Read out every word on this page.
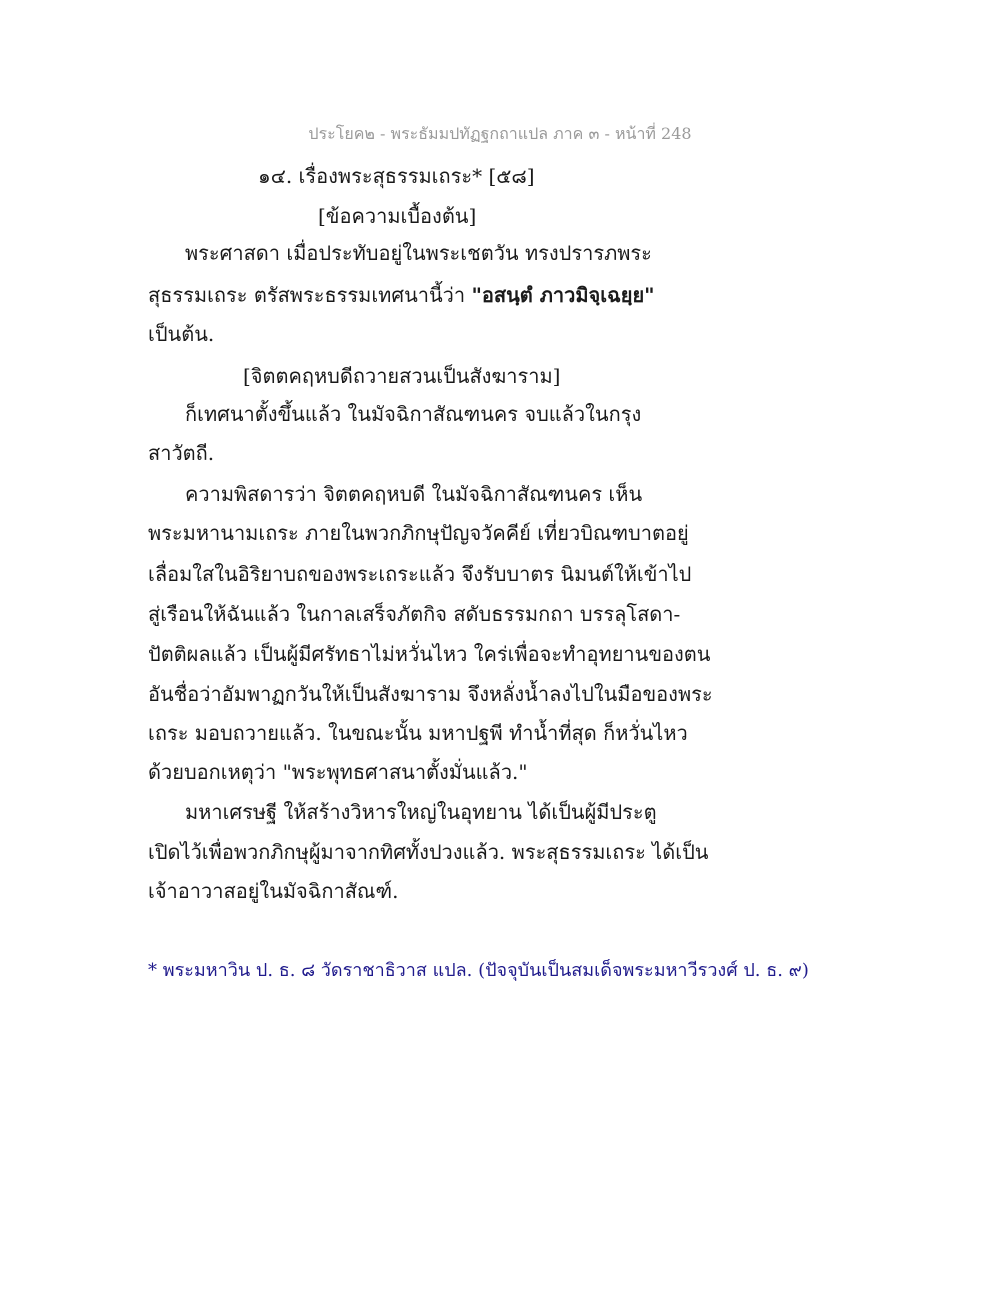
ประโยค๒ - พระธัมมปทัฏฐกถาแปล ภาค ๓ - หน้าที่ 248
๑๔. เรื่องพระสุธรรมเถระ* [๕๘]
[ข้อความเบื้องต้น]
พระศาสดา เมื่อประทับอยู่ในพระเชตวัน ทรงปรารภพระ
สุธรรมเถระ ตรัสพระธรรมเทศนานี้ว่า "อสนฺตํ ภาวมิจฺเฉยฺย"
เป็นต้น.
[จิตตคฤหบดีถวายสวนเป็นสังฆาราม]
ก็เทศนาตั้งขึ้นแล้ว ในมัจฉิกาสัณฑนคร จบแล้วในกรุง
สาวัตถี.
ความพิสดารว่า จิตตคฤหบดี ในมัจฉิกาสัณฑนคร เห็น
พระมหานามเถระ ภายในพวกภิกษุปัญจวัคคีย์ เที่ยวบิณฑบาตอยู่
เลื่อมใสในอิริยาบถของพระเถระแล้ว จึงรับบาตร นิมนต์ให้เข้าไป
สู่เรือนให้ฉันแล้ว ในกาลเสร็จภัตกิจ สดับธรรมกถา บรรลุโสดา-
ปัตติผลแล้ว เป็นผู้มีศรัทธาไม่หวั่นไหว ใคร่เพื่อจะทำอุทยานของตน
อันชื่อว่าอัมพาฏกวันให้เป็นสังฆาราม จึงหลั่งน้ำลงไปในมือของพระ
เถระ มอบถวายแล้ว. ในขณะนั้น มหาปฐพี ทำน้ำที่สุด ก็หวั่นไหว
ด้วยบอกเหตุว่า "พระพุทธศาสนาตั้งมั่นแล้ว."
มหาเศรษฐี ให้สร้างวิหารใหญ่ในอุทยาน ได้เป็นผู้มีประตู
เปิดไว้เพื่อพวกภิกษุผู้มาจากทิศทั้งปวงแล้ว. พระสุธรรมเถระ ได้เป็น
เจ้าอาวาสอยู่ในมัจฉิกาสัณฑ์.
* พระมหาวิน ป. ธ. ๘ วัดราชาธิวาส แปล. (ปัจจุบันเป็นสมเด็จพระมหาวีรวงศ์ ป. ธ. ๙)
